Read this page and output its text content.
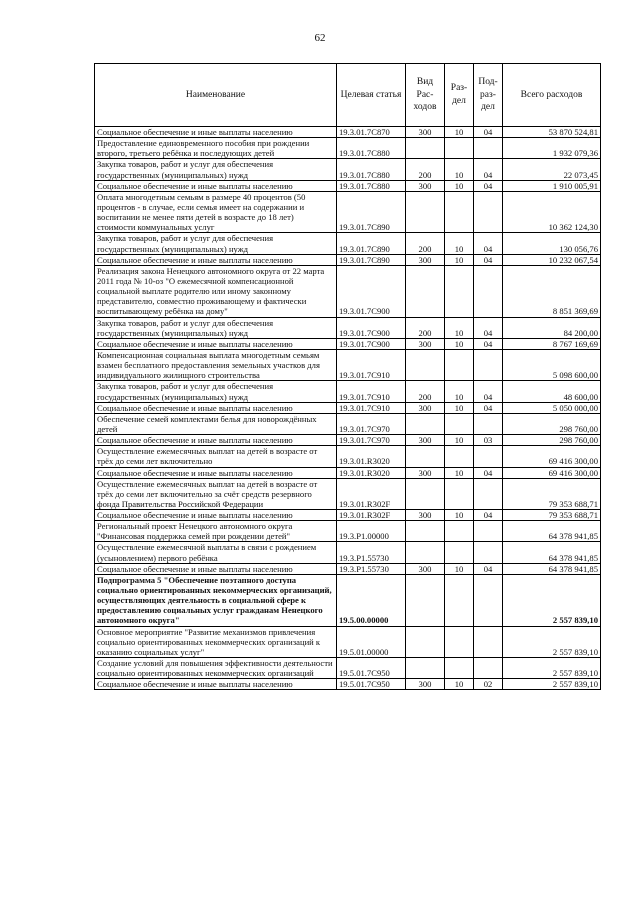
62
Наименование	Целевая статья	Вид Рас-ходов	Раз-дел	Под-раз-дел	Всего расходов
Социальное обеспечение и иные выплаты населению	19.3.01.7С870	300	10	04	53 870 524,81
Предоставление единовременного пособия при рождении второго, третьего ребёнка и последующих детей	19.3.01.7С880				1 932 079,36
Закупка товаров, работ и услуг для обеспечения государственных (муниципальных) нужд	19.3.01.7С880	200	10	04	22 073,45
Социальное обеспечение и иные выплаты населению	19.3.01.7С880	300	10	04	1 910 005,91
Оплата многодетным семьям в размере 40 процентов (50 процентов - в случае, если семья имеет на содержании и воспитании не менее пяти детей в возрасте до 18 лет) стоимости коммунальных услуг	19.3.01.7С890				10 362 124,30
Закупка товаров, работ и услуг для обеспечения государственных (муниципальных) нужд	19.3.01.7С890	200	10	04	130 056,76
Социальное обеспечение и иные выплаты населению	19.3.01.7С890	300	10	04	10 232 067,54
Реализация закона Ненецкого автономного округа от 22 марта 2011 года № 10-оз "О ежемесячной компенсационной социальной выплате родителю или иному законному представителю, совместно проживающему и фактически воспитывающему ребёнка на дому"	19.3.01.7С900				8 851 369,69
Закупка товаров, работ и услуг для обеспечения государственных (муниципальных) нужд	19.3.01.7С900	200	10	04	84 200,00
Социальное обеспечение и иные выплаты населению	19.3.01.7С900	300	10	04	8 767 169,69
Компенсационная социальная выплата многодетным семьям взамен бесплатного предоставления земельных участков для индивидуального жилищного строительства	19.3.01.7С910				5 098 600,00
Закупка товаров, работ и услуг для обеспечения государственных (муниципальных) нужд	19.3.01.7С910	200	10	04	48 600,00
Социальное обеспечение и иные выплаты населению	19.3.01.7С910	300	10	04	5 050 000,00
Обеспечение семей комплектами белья для новорождённых детей	19.3.01.7С970				298 760,00
Социальное обеспечение и иные выплаты населению	19.3.01.7С970	300	10	03	298 760,00
Осуществление ежемесячных выплат на детей в возрасте от трёх до семи лет включительно	19.3.01.R3020				69 416 300,00
Социальное обеспечение и иные выплаты населению	19.3.01.R3020	300	10	04	69 416 300,00
Осуществление ежемесячных выплат на детей в возрасте от трёх до семи лет включительно за счёт средств резервного фонда Правительства Российской Федерации	19.3.01.R302F				79 353 688,71
Социальное обеспечение и иные выплаты населению	19.3.01.R302F	300	10	04	79 353 688,71
Региональный проект Ненецкого автономного округа "Финансовая поддержка семей при рождении детей"	19.3.P1.00000				64 378 941,85
Осуществление ежемесячной выплаты в связи с рождением (усыновлением) первого ребёнка	19.3.P1.55730				64 378 941,85
Социальное обеспечение и иные выплаты населению	19.3.P1.55730	300	10	04	64 378 941,85
Подпрограмма 5 "Обеспечение поэтапного доступа социально ориентированных некоммерческих организаций, осуществляющих деятельность в социальной сфере к предоставлению социальных услуг гражданам Ненецкого автономного округа"	19.5.00.00000				2 557 839,10
Основное мероприятие "Развитие механизмов привлечения социально ориентированных некоммерческих организаций к оказанию социальных услуг"	19.5.01.00000				2 557 839,10
Создание условий для повышения эффективности деятельности социально ориентированных некоммерческих организаций	19.5.01.7С950				2 557 839,10
Социальное обеспечение и иные выплаты населению	19.5.01.7С950	300	10	02	2 557 839,10
